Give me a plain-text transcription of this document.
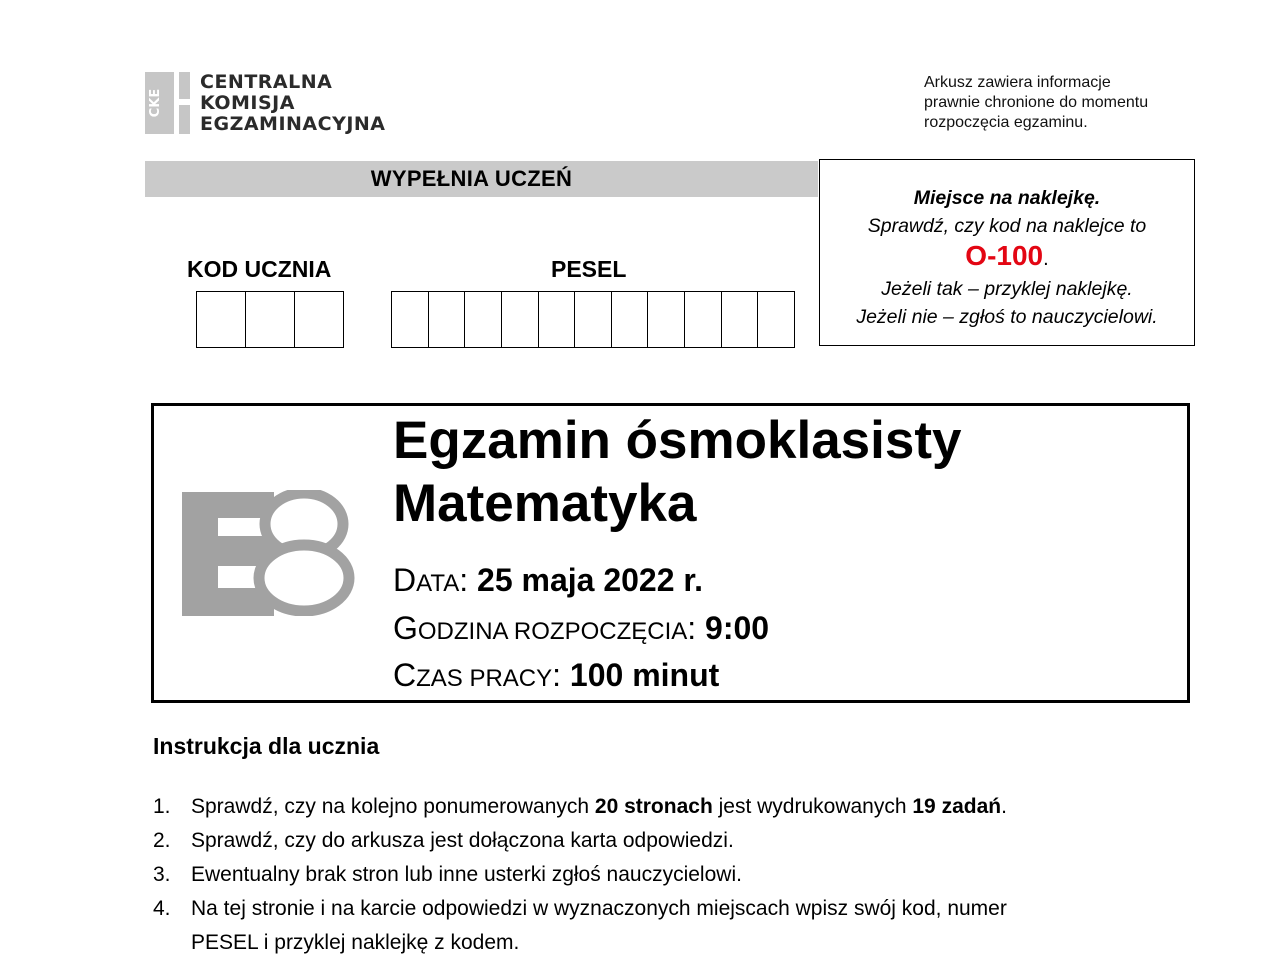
CKE
CENTRALNA
KOMISJA
EGZAMINACYJNA
Arkusz zawiera informacje
prawnie chronione do momentu
rozpoczęcia egzaminu.
WYPEŁNIA UCZEŃ
KOD UCZNIA	PESEL
Miejsce na naklejkę.
Sprawdź, czy kod na naklejce to
O-100.
Jeżeli tak – przyklej naklejkę.
Jeżeli nie – zgłoś to nauczycielowi.
E8
Egzamin ósmoklasisty
Matematyka
DATA: 25 maja 2022 r.
GODZINA ROZPOCZĘCIA: 9:00
CZAS PRACY: 100 minut
Instrukcja dla ucznia
1. Sprawdź, czy na kolejno ponumerowanych 20 stronach jest wydrukowanych 19 zadań.
2. Sprawdź, czy do arkusza jest dołączona karta odpowiedzi.
3. Ewentualny brak stron lub inne usterki zgłoś nauczycielowi.
4. Na tej stronie i na karcie odpowiedzi w wyznaczonych miejscach wpisz swój kod, numer
PESEL i przyklej naklejkę z kodem.
